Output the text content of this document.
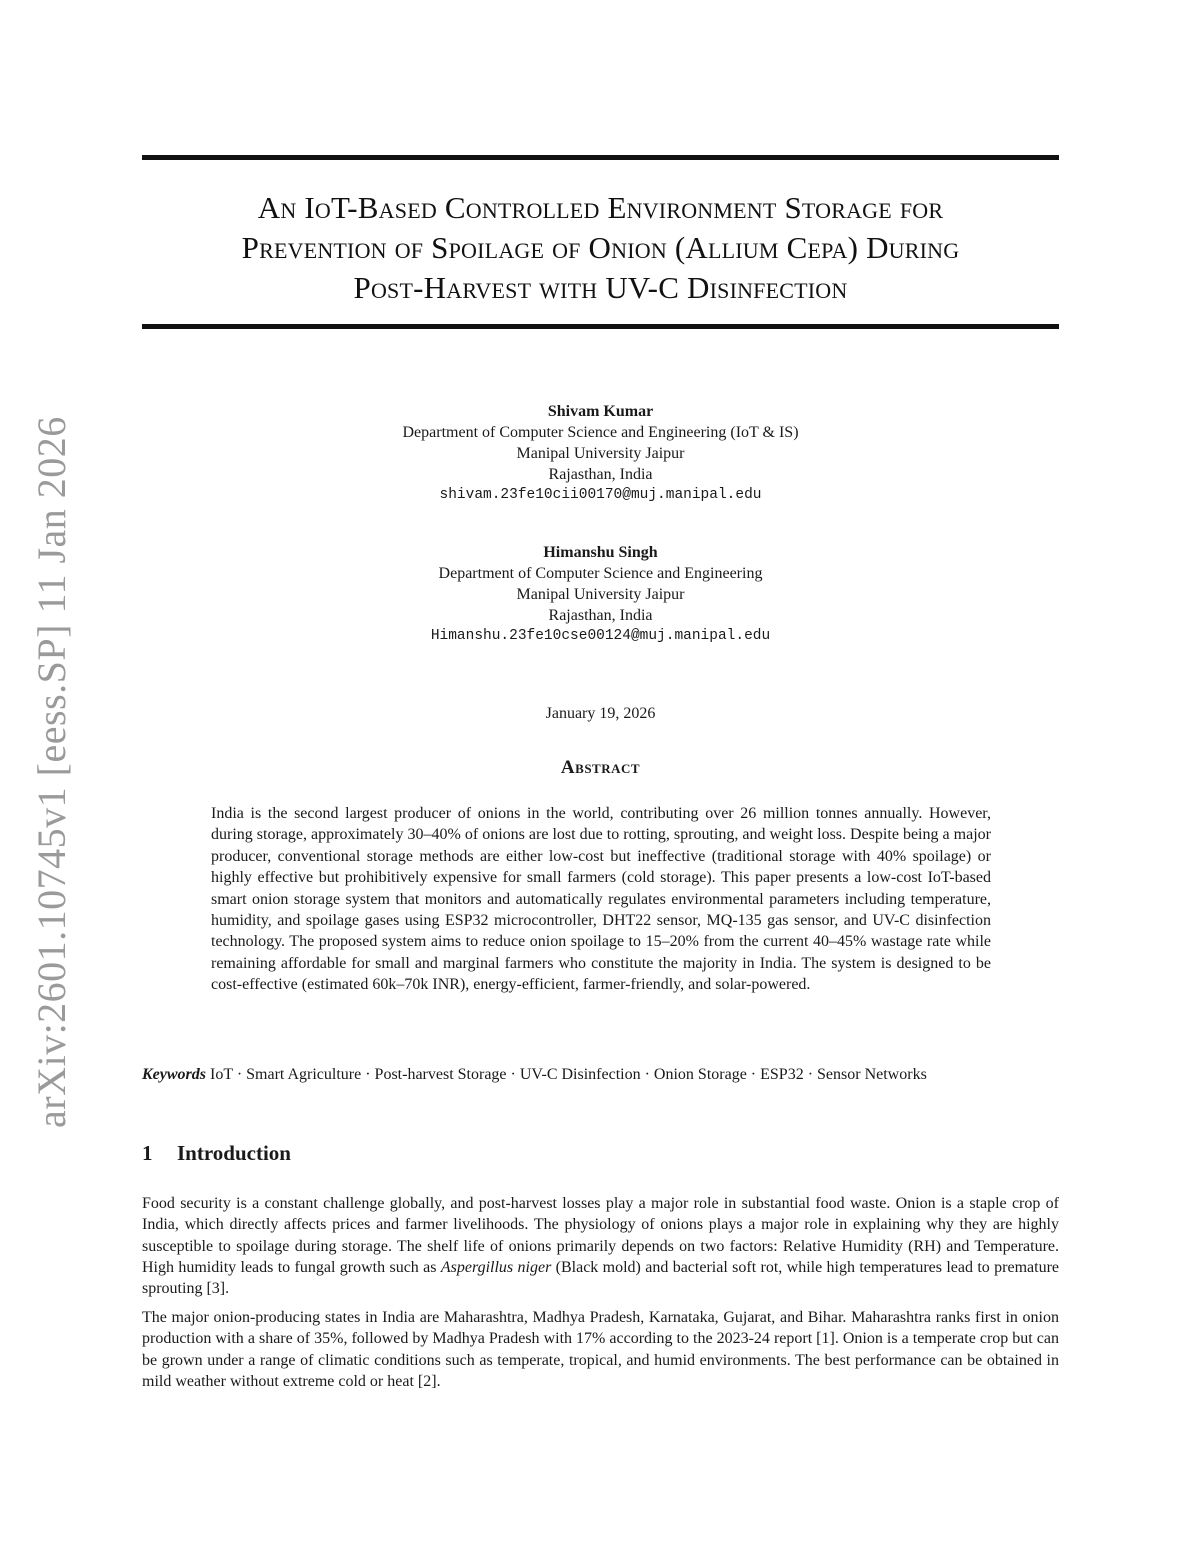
An IoT-Based Controlled Environment Storage for
Prevention of Spoilage of Onion (Allium Cepa) During
Post-Harvest with UV-C Disinfection
Shivam Kumar
Department of Computer Science and Engineering (IoT & IS)
Manipal University Jaipur
Rajasthan, India
shivam.23fe10cii00170@muj.manipal.edu
Himanshu Singh
Department of Computer Science and Engineering
Manipal University Jaipur
Rajasthan, India
Himanshu.23fe10cse00124@muj.manipal.edu
January 19, 2026
Abstract
India is the second largest producer of onions in the world, contributing over 26 million tonnes annually. However, during storage, approximately 30–40% of onions are lost due to rotting, sprouting, and weight loss. Despite being a major producer, conventional storage methods are either low-cost but ineffective (traditional storage with 40% spoilage) or highly effective but prohibitively expensive for small farmers (cold storage). This paper presents a low-cost IoT-based smart onion storage system that monitors and automatically regulates environmental parameters including temperature, humidity, and spoilage gases using ESP32 microcontroller, DHT22 sensor, MQ-135 gas sensor, and UV-C disinfection technology. The proposed system aims to reduce onion spoilage to 15–20% from the current 40–45% wastage rate while remaining affordable for small and marginal farmers who constitute the majority in India. The system is designed to be cost-effective (estimated 60k–70k INR), energy-efficient, farmer-friendly, and solar-powered.
Keywords IoT · Smart Agriculture · Post-harvest Storage · UV-C Disinfection · Onion Storage · ESP32 · Sensor Networks
arXiv:2601.10745v1 [eess.SP] 11 Jan 2026
1 Introduction

Food security is a constant challenge globally, and post-harvest losses play a major role in substantial food waste. Onion is a staple crop of India, which directly affects prices and farmer livelihoods. The physiology of onions plays a major role in explaining why they are highly susceptible to spoilage during storage. The shelf life of onions primarily depends on two factors: Relative Humidity (RH) and Temperature. High humidity leads to fungal growth such as Aspergillus niger (Black mold) and bacterial soft rot, while high temperatures lead to premature sprouting [3].

The major onion-producing states in India are Maharashtra, Madhya Pradesh, Karnataka, Gujarat, and Bihar. Maharashtra ranks first in onion production with a share of 35%, followed by Madhya Pradesh with 17% according to the 2023-24 report [1]. Onion is a temperate crop but can be grown under a range of climatic conditions such as temperate, tropical, and humid environments. The best performance can be obtained in mild weather without extreme cold or heat [2].
